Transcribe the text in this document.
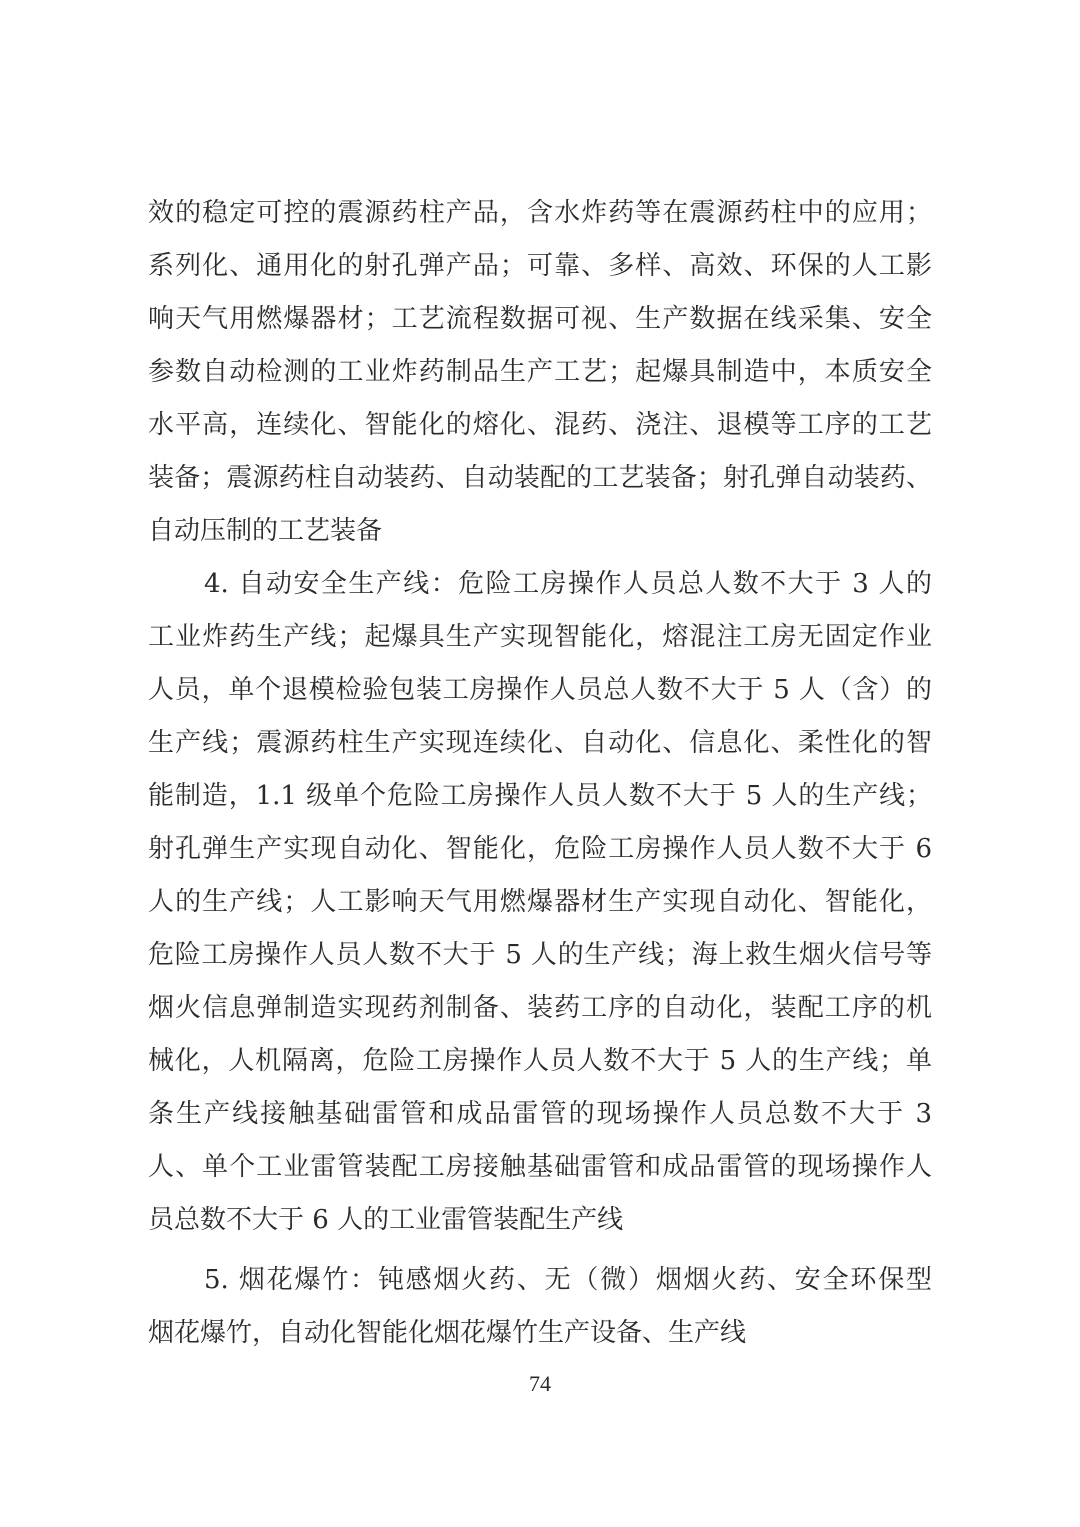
效的稳定可控的震源药柱产品，含水炸药等在震源药柱中的应用；
系列化、通用化的射孔弹产品；可靠、多样、高效、环保的人工影
响天气用燃爆器材；工艺流程数据可视、生产数据在线采集、安全
参数自动检测的工业炸药制品生产工艺；起爆具制造中，本质安全
水平高，连续化、智能化的熔化、混药、浇注、退模等工序的工艺
装备；震源药柱自动装药、自动装配的工艺装备；射孔弹自动装药、
自动压制的工艺装备
4. 自动安全生产线：危险工房操作人员总人数不大于 3 人的
工业炸药生产线；起爆具生产实现智能化，熔混注工房无固定作业
人员，单个退模检验包装工房操作人员总人数不大于 5 人（含）的
生产线；震源药柱生产实现连续化、自动化、信息化、柔性化的智
能制造，1.1 级单个危险工房操作人员人数不大于 5 人的生产线；
射孔弹生产实现自动化、智能化，危险工房操作人员人数不大于 6
人的生产线；人工影响天气用燃爆器材生产实现自动化、智能化，
危险工房操作人员人数不大于 5 人的生产线；海上救生烟火信号等
烟火信息弹制造实现药剂制备、装药工序的自动化，装配工序的机
械化，人机隔离，危险工房操作人员人数不大于 5 人的生产线；单
条生产线接触基础雷管和成品雷管的现场操作人员总数不大于 3
人、单个工业雷管装配工房接触基础雷管和成品雷管的现场操作人
员总数不大于 6 人的工业雷管装配生产线
5. 烟花爆竹：钝感烟火药、无（微）烟烟火药、安全环保型
烟花爆竹，自动化智能化烟花爆竹生产设备、生产线
74
